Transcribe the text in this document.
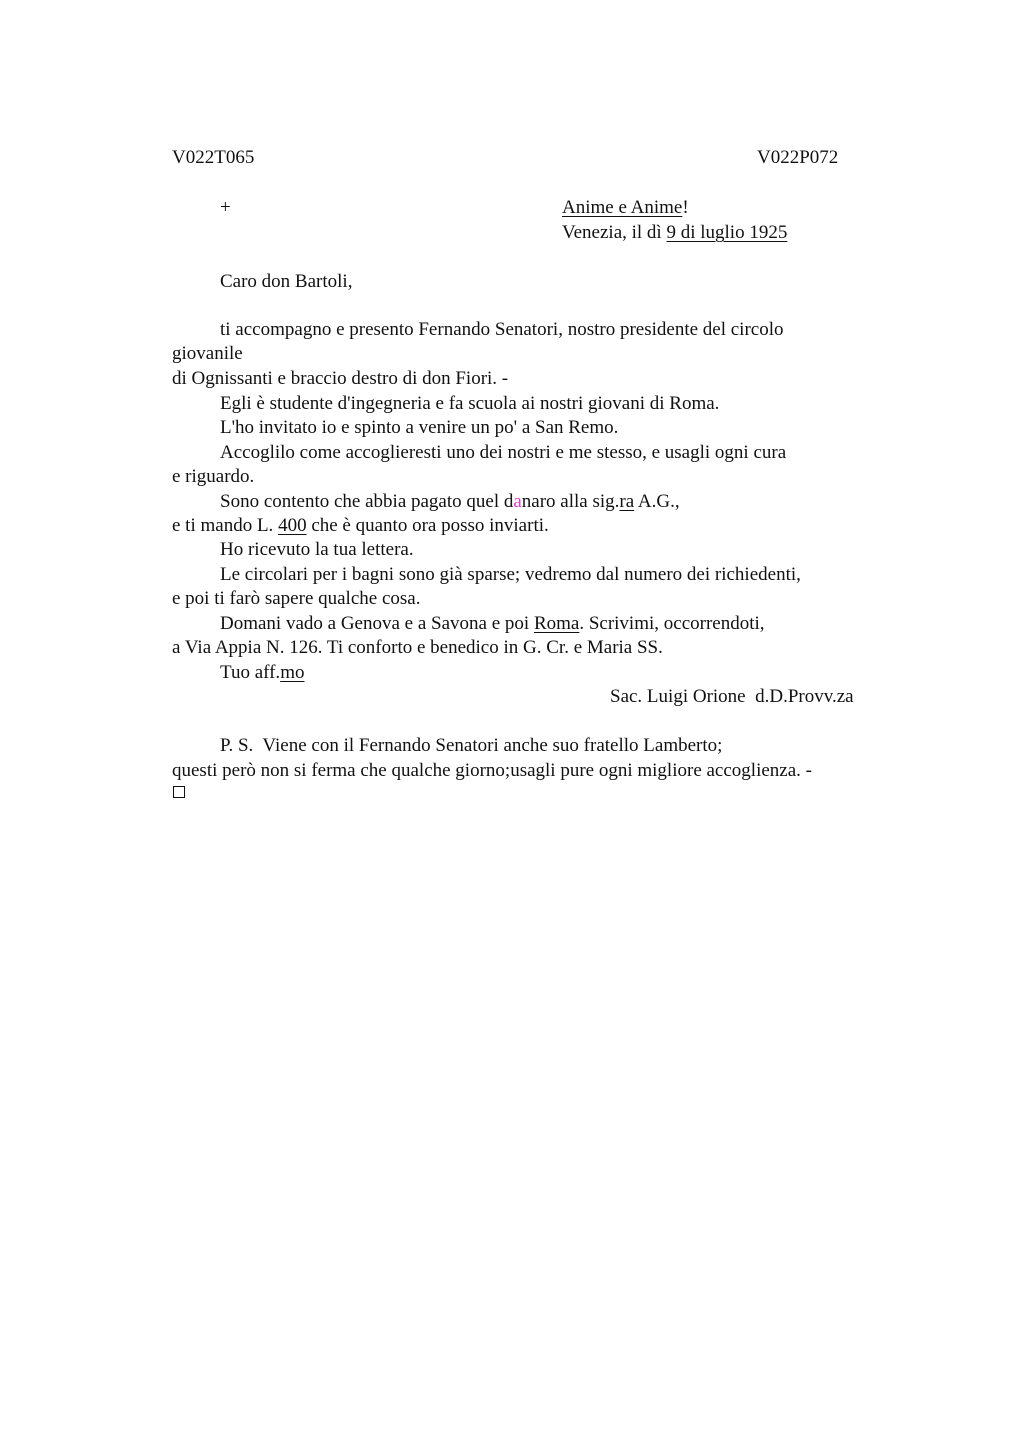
V022T065	V022P072
+	Anime e Anime!
Venezia, il dì 9 di luglio 1925
Caro don Bartoli,
ti accompagno e presento Fernando Senatori, nostro presidente del circolo
giovanile
di Ognissanti e braccio destro di don Fiori. -
Egli è studente d'ingegneria e fa scuola ai nostri giovani di Roma.
L'ho invitato io e spinto a venire un po' a San Remo.
Accoglilo come accoglieresti uno dei nostri e me stesso, e usagli ogni cura
e riguardo.
Sono contento che abbia pagato quel danaro alla sig.ra A.G.,
e ti mando L. 400 che è quanto ora posso inviarti.
Ho ricevuto la tua lettera.
Le circolari per i bagni sono già sparse; vedremo dal numero dei richiedenti,
e poi ti farò sapere qualche cosa.
Domani vado a Genova e a Savona e poi Roma. Scrivimi, occorrendoti,
a Via Appia N. 126. Ti conforto e benedico in G. Cr. e Maria SS.
Tuo aff.mo
Sac. Luigi Orione  d.D.Provv.za
P. S.  Viene con il Fernando Senatori anche suo fratello Lamberto;
questi però non si ferma che qualche giorno;usagli pure ogni migliore accoglienza. -
